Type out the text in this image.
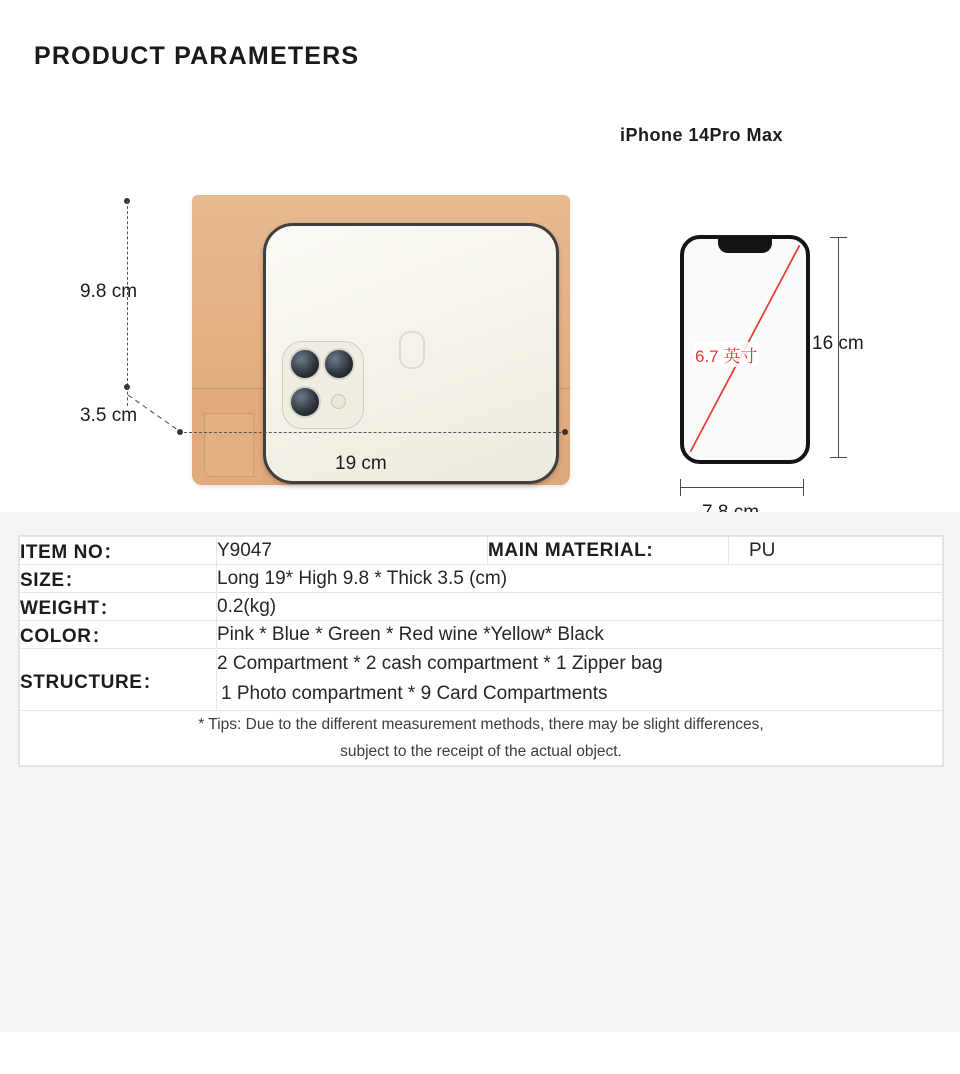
PRODUCT PARAMETERS
9.8 cm
3.5 cm
19 cm
iPhone 14Pro Max
6.7 英寸
16 cm
ITEM NO：	Y9047	MAIN MATERIAL:	PU
SIZE：	Long 19* High 9.8 * Thick 3.5 (cm)		
WEIGHT：	0.2(kg)		
COLOR：	Pink * Blue * Green * Red wine *Yellow* Black		
STRUCTURE：	2 Compartment * 2 cash compartment * 1 Zipper bag
1 Photo compartment * 9 Card Compartments		

* Tips: Due to the different measurement methods, there may be slight differences,
subject to the receipt of the actual object.			
